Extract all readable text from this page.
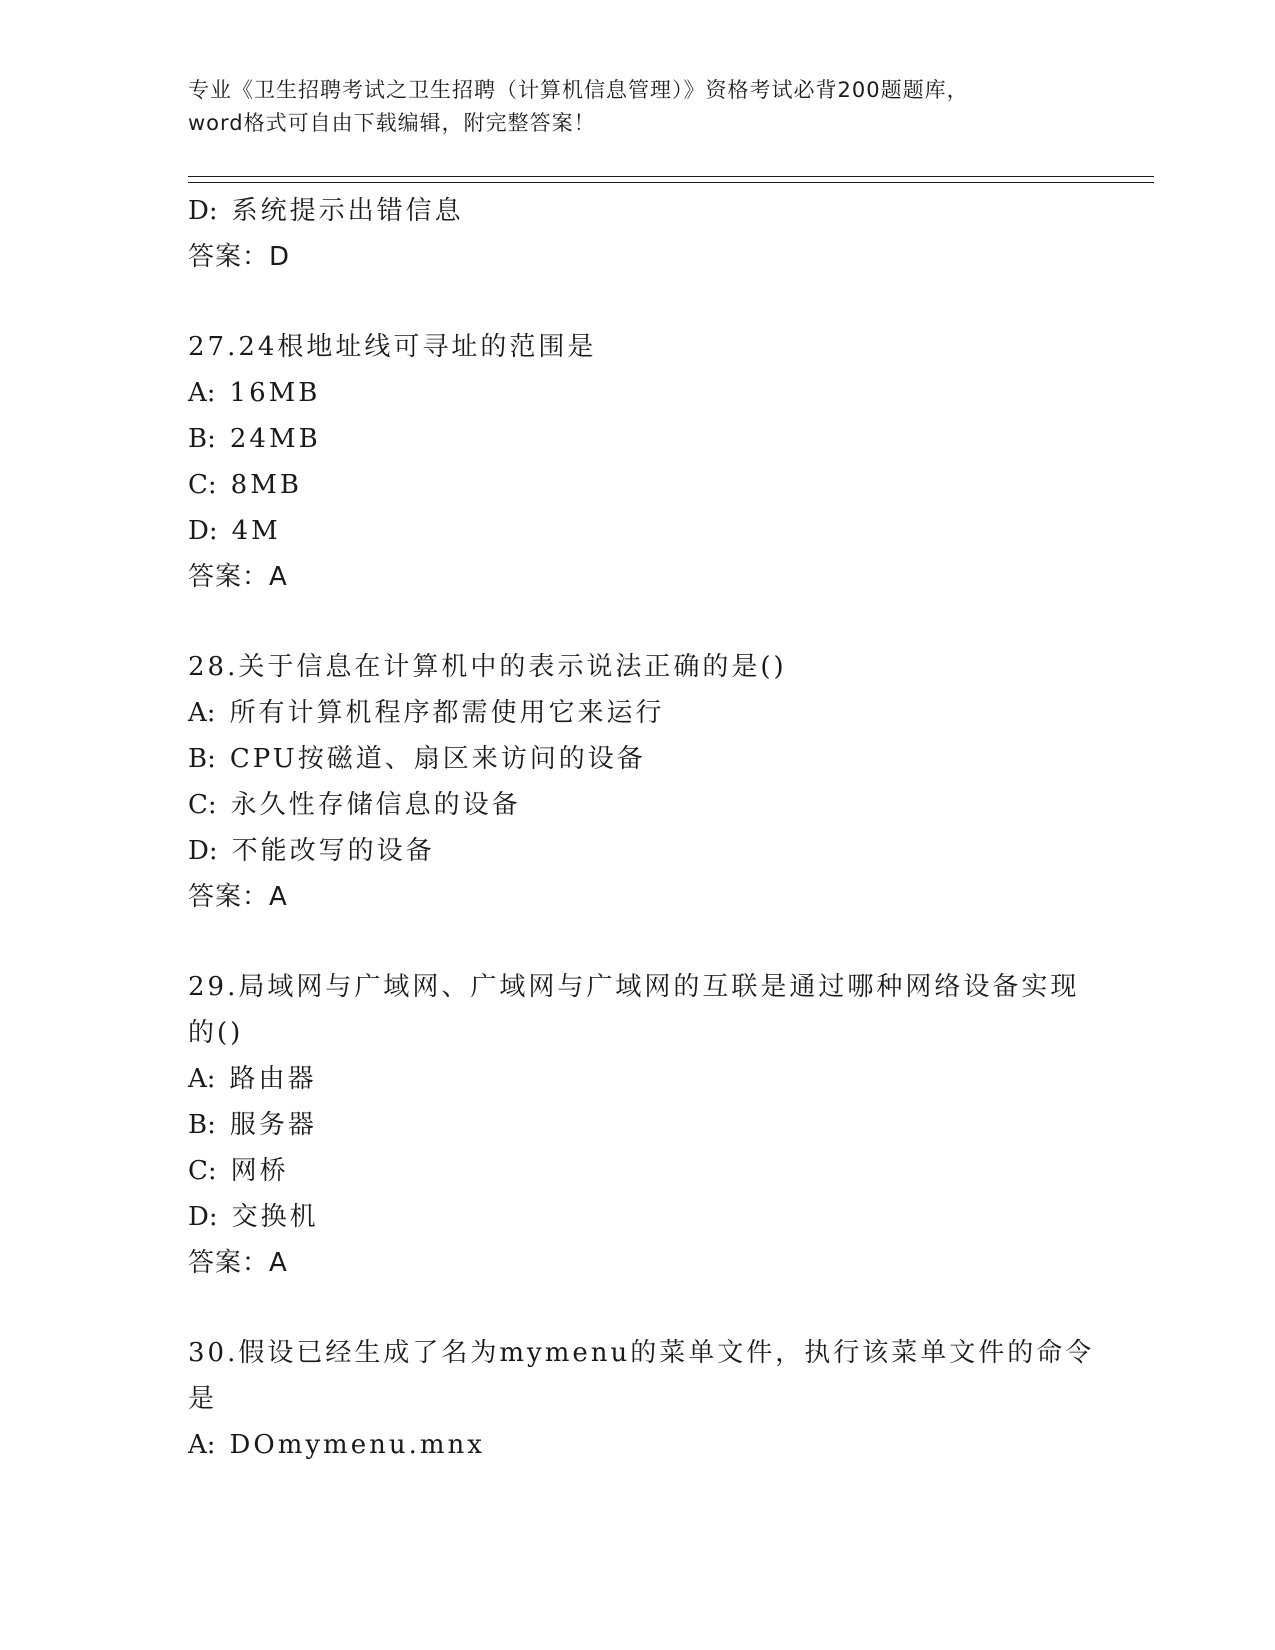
专业《卫生招聘考试之卫生招聘（计算机信息管理）》资格考试必背200题题库，
word格式可自由下载编辑，附完整答案！
D: 系统提示出错信息
答案：D
27.24根地址线可寻址的范围是
A: 16MB
B: 24MB
C: 8MB
D: 4M
答案：A
28.关于信息在计算机中的表示说法正确的是()
A: 所有计算机程序都需使用它来运行
B: CPU按磁道、扇区来访问的设备
C: 永久性存储信息的设备
D: 不能改写的设备
答案：A
29.局域网与广域网、广域网与广域网的互联是通过哪种网络设备实现
的()
A: 路由器
B: 服务器
C: 网桥
D: 交换机
答案：A
30.假设已经生成了名为mymenu的菜单文件，执行该菜单文件的命令
是
A: DOmymenu.mnx
